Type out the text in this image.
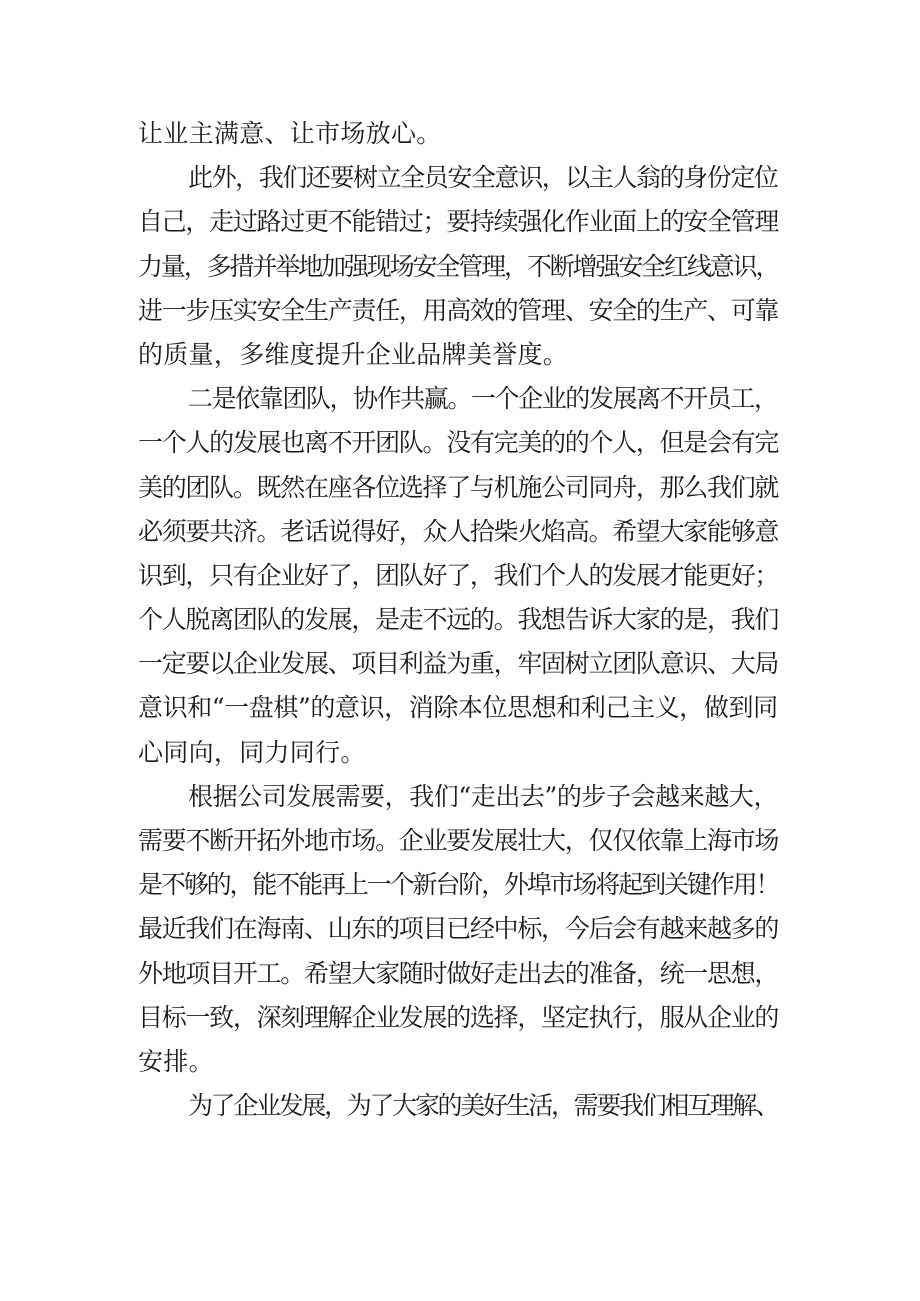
让业主满意、让市场放心。
此外，我们还要树立全员安全意识，以主人翁的身份定位
自己，走过路过更不能错过；要持续强化作业面上的安全管理
力量，多措并举地加强现场安全管理，不断增强安全红线意识，
进一步压实安全生产责任，用高效的管理、安全的生产、可靠
的质量，多维度提升企业品牌美誉度。
二是依靠团队，协作共赢。一个企业的发展离不开员工，
一个人的发展也离不开团队。没有完美的的个人，但是会有完
美的团队。既然在座各位选择了与机施公司同舟，那么我们就
必须要共济。老话说得好，众人拾柴火焰高。希望大家能够意
识到，只有企业好了，团队好了，我们个人的发展才能更好；
个人脱离团队的发展，是走不远的。我想告诉大家的是，我们
一定要以企业发展、项目利益为重，牢固树立团队意识、大局
意识和“一盘棋”的意识，消除本位思想和利己主义，做到同
心同向，同力同行。
根据公司发展需要，我们“走出去”的步子会越来越大，
需要不断开拓外地市场。企业要发展壮大，仅仅依靠上海市场
是不够的，能不能再上一个新台阶，外埠市场将起到关键作用！
最近我们在海南、山东的项目已经中标，今后会有越来越多的
外地项目开工。希望大家随时做好走出去的准备，统一思想，
目标一致，深刻理解企业发展的选择，坚定执行，服从企业的
安排。
为了企业发展，为了大家的美好生活，需要我们相互理解、
